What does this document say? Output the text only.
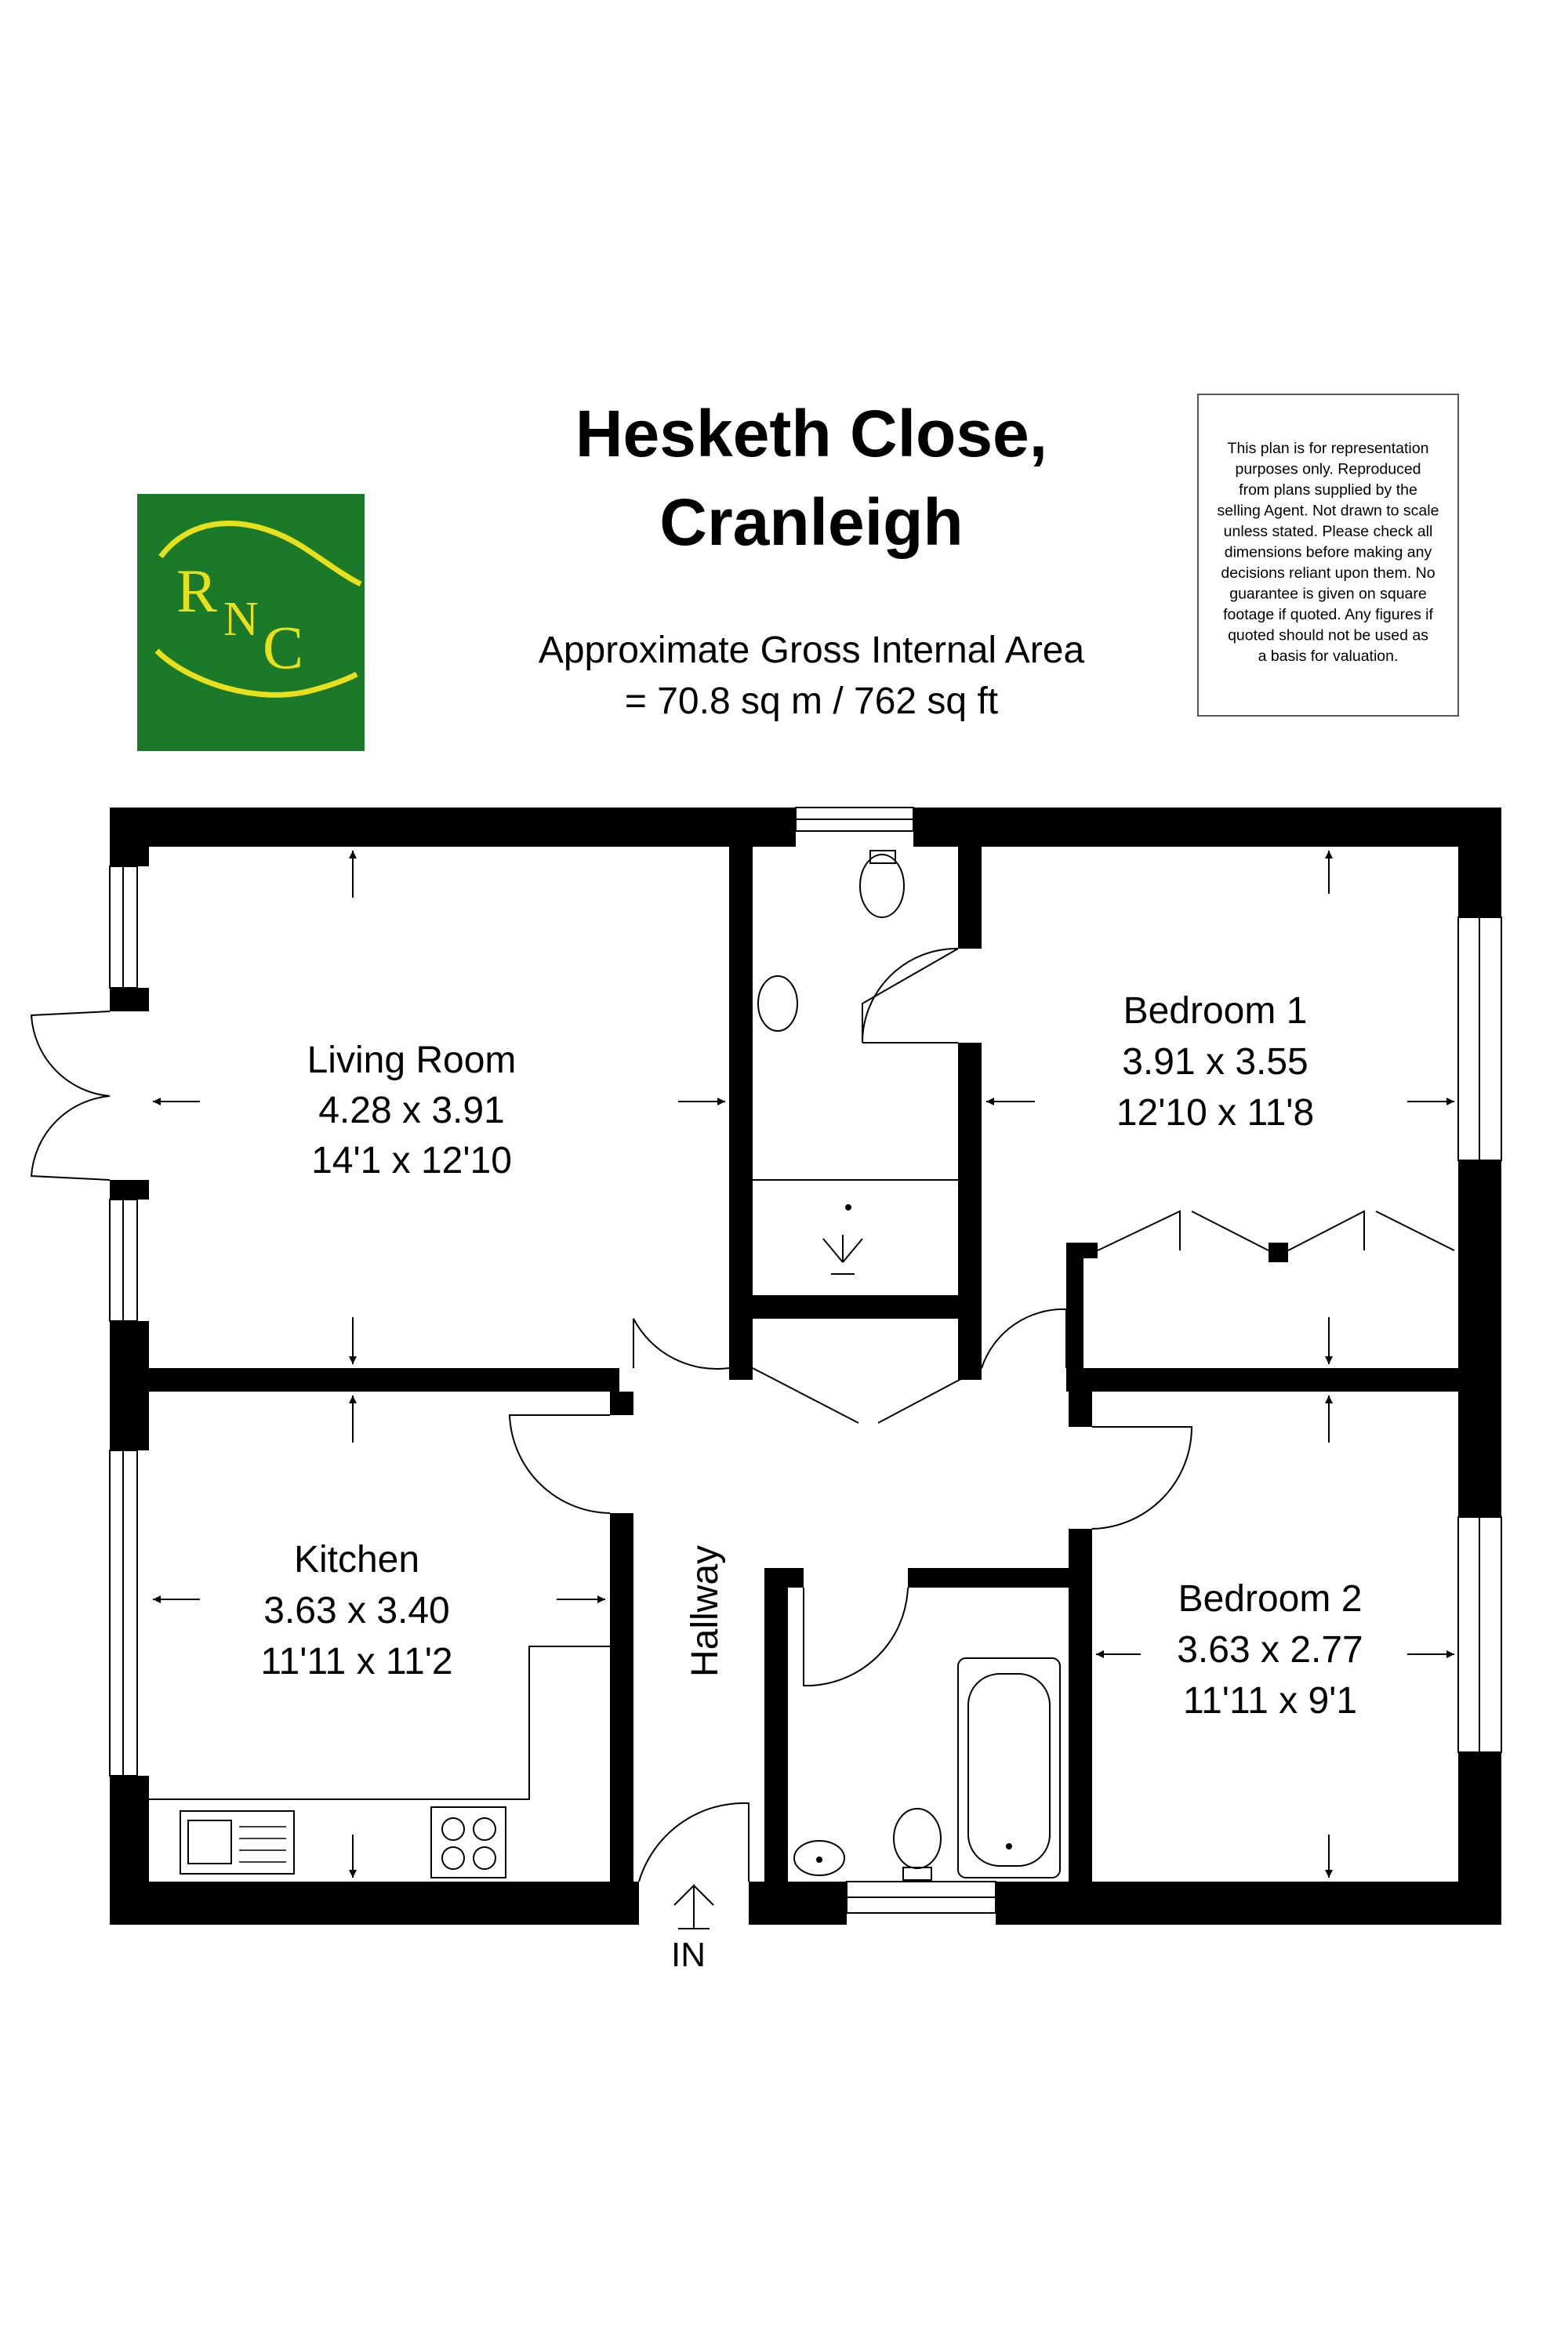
R N C
Hesketh Close,
Cranleigh
Approximate Gross Internal Area
= 70.8 sq m / 762 sq ft
This plan is for representation
purposes only. Reproduced
from plans supplied by the
selling Agent. Not drawn to scale
unless stated. Please check all
dimensions before making any
decisions reliant upon them. No
guarantee is given on square
footage if quoted. Any figures if
quoted should not be used as
a basis for valuation.
IN
Living Room
4.28 x 3.91
14'1 x 12'10
Bedroom 1
3.91 x 3.55
12'10 x 11'8
Kitchen
3.63 x 3.40
11'11 x 11'2
Bedroom 2
3.63 x 2.77
11'11 x 9'1
Hallway
